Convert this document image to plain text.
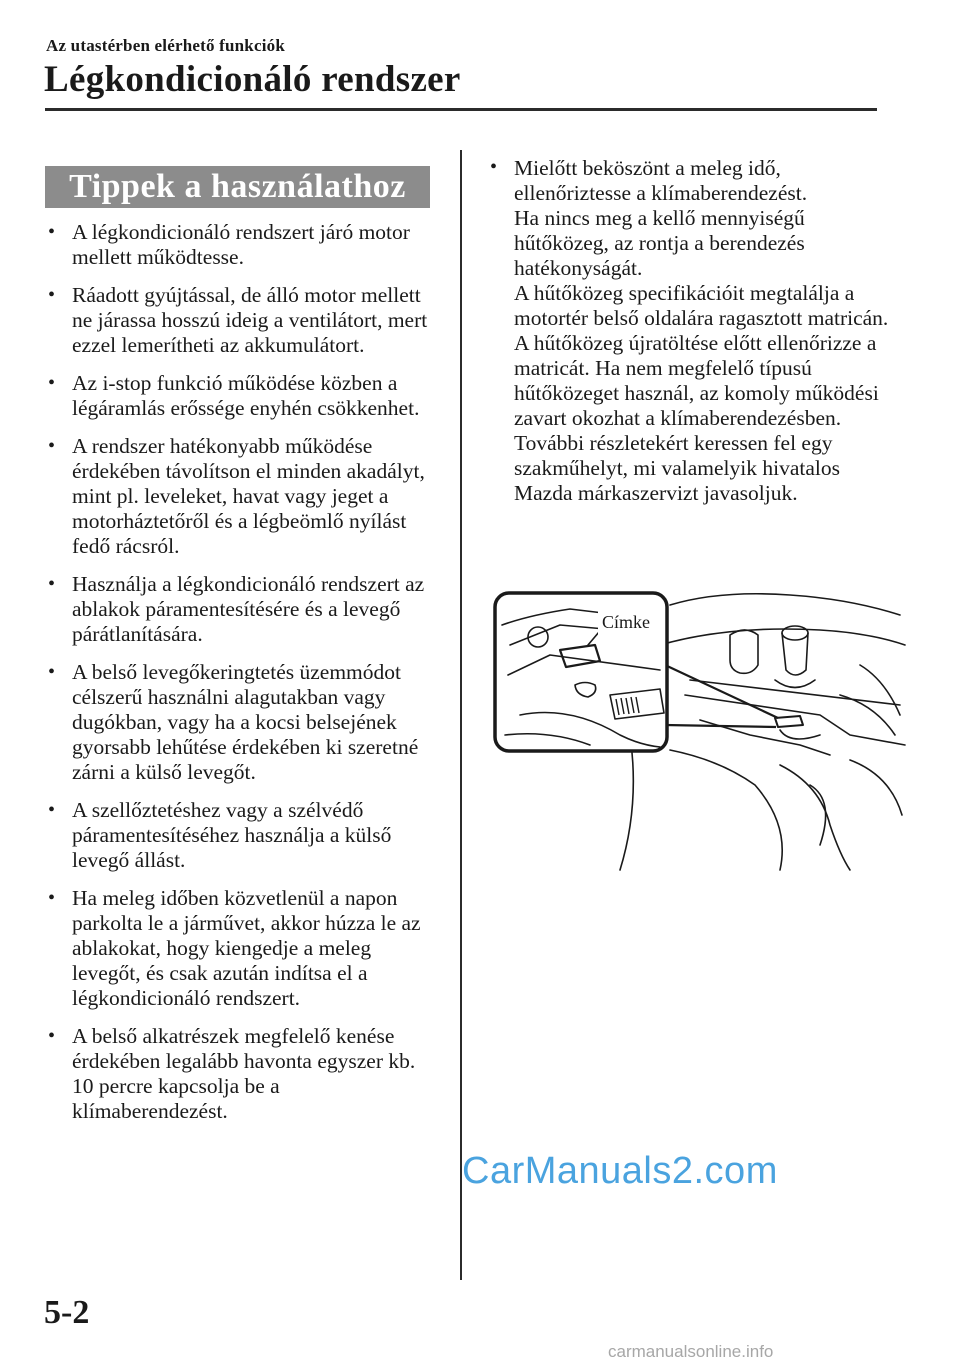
Az utastérben elérhető funkciók
Légkondicionáló rendszer
Tippek a használathoz
• A légkondicionáló rendszert járó motor mellett működtesse.
• Ráadott gyújtással, de álló motor mellett ne járassa hosszú ideig a ventilátort, mert ezzel lemerítheti az akkumulátort.
• Az i-stop funkció működése közben a légáramlás erőssége enyhén csökkenhet.
• A rendszer hatékonyabb működése érdekében távolítson el minden akadályt, mint pl. leveleket, havat vagy jeget a motorháztetőről és a légbeömlő nyílást fedő rácsról.
• Használja a légkondicionáló rendszert az ablakok páramentesítésére és a levegő párátlanítására.
• A belső levegőkeringtetés üzemmódot célszerű használni alagutakban vagy dugókban, vagy ha a kocsi belsejének gyorsabb lehűtése érdekében ki szeretné zárni a külső levegőt.
• A szellőztetéshez vagy a szélvédő páramentesítéséhez használja a külső levegő állást.
• Ha meleg időben közvetlenül a napon parkolta le a járművet, akkor húzza le az ablakokat, hogy kiengedje a meleg levegőt, és csak azután indítsa el a légkondicionáló rendszert.
• A belső alkatrészek megfelelő kenése érdekében legalább havonta egyszer kb. 10 percre kapcsolja be a klímaberendezést.
• Mielőtt beköszönt a meleg idő, ellenőriztesse a klímaberendezést.

Ha nincs meg a kellő mennyiségű hűtőközeg, az rontja a berendezés hatékonyságát.

A hűtőközeg specifikációit megtalálja a motortér belső oldalára ragasztott matricán.

A hűtőközeg újratöltése előtt ellenőrizze a matricát. Ha nem megfelelő típusú hűtőközeget használ, az komoly működési zavart okozhat a klímaberendezésben.

További részletekért keressen fel egy szakműhelyt, mi valamelyik hivatalos Mazda márkaszervizt javasoljuk.

Címke
CarManuals2.com
5-2
carmanualsonline.info
